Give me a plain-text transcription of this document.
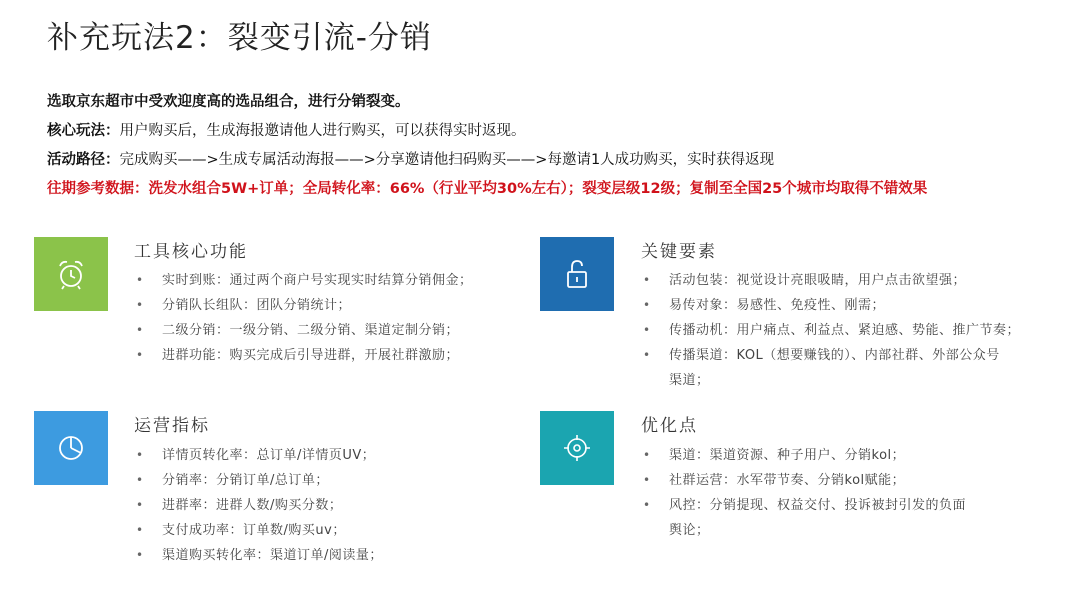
补充玩法2：裂变引流-分销
选取京东超市中受欢迎度高的选品组合，进行分销裂变。
核心玩法：用户购买后，生成海报邀请他人进行购买，可以获得实时返现。
活动路径：完成购买——>生成专属活动海报——>分享邀请他扫码购买——>每邀请1人成功购买，实时获得返现
往期参考数据：洗发水组合5W+订单；全局转化率：66%（行业平均30%左右）；裂变层级12级；复制至全国25个城市均取得不错效果
工具核心功能
• 实时到账：通过两个商户号实现实时结算分销佣金；
• 分销队长组队：团队分销统计；
• 二级分销：一级分销、二级分销、渠道定制分销；
• 进群功能：购买完成后引导进群，开展社群激励；
关键要素
• 活动包装：视觉设计亮眼吸睛，用户点击欲望强；
• 易传对象：易感性、免疫性、刚需；
• 传播动机：用户痛点、利益点、紧迫感、势能、推广节奏；
• 传播渠道：KOL（想要赚钱的）、内部社群、外部公众号
渠道；
运营指标
• 详情页转化率：总订单/详情页UV；
• 分销率：分销订单/总订单；
• 进群率：进群人数/购买分数；
• 支付成功率：订单数/购买uv；
• 渠道购买转化率：渠道订单/阅读量；
优化点
• 渠道：渠道资源、种子用户、分销kol；
• 社群运营：水军带节奏、分销kol赋能；
• 风控：分销提现、权益交付、投诉被封引发的负面
舆论；
